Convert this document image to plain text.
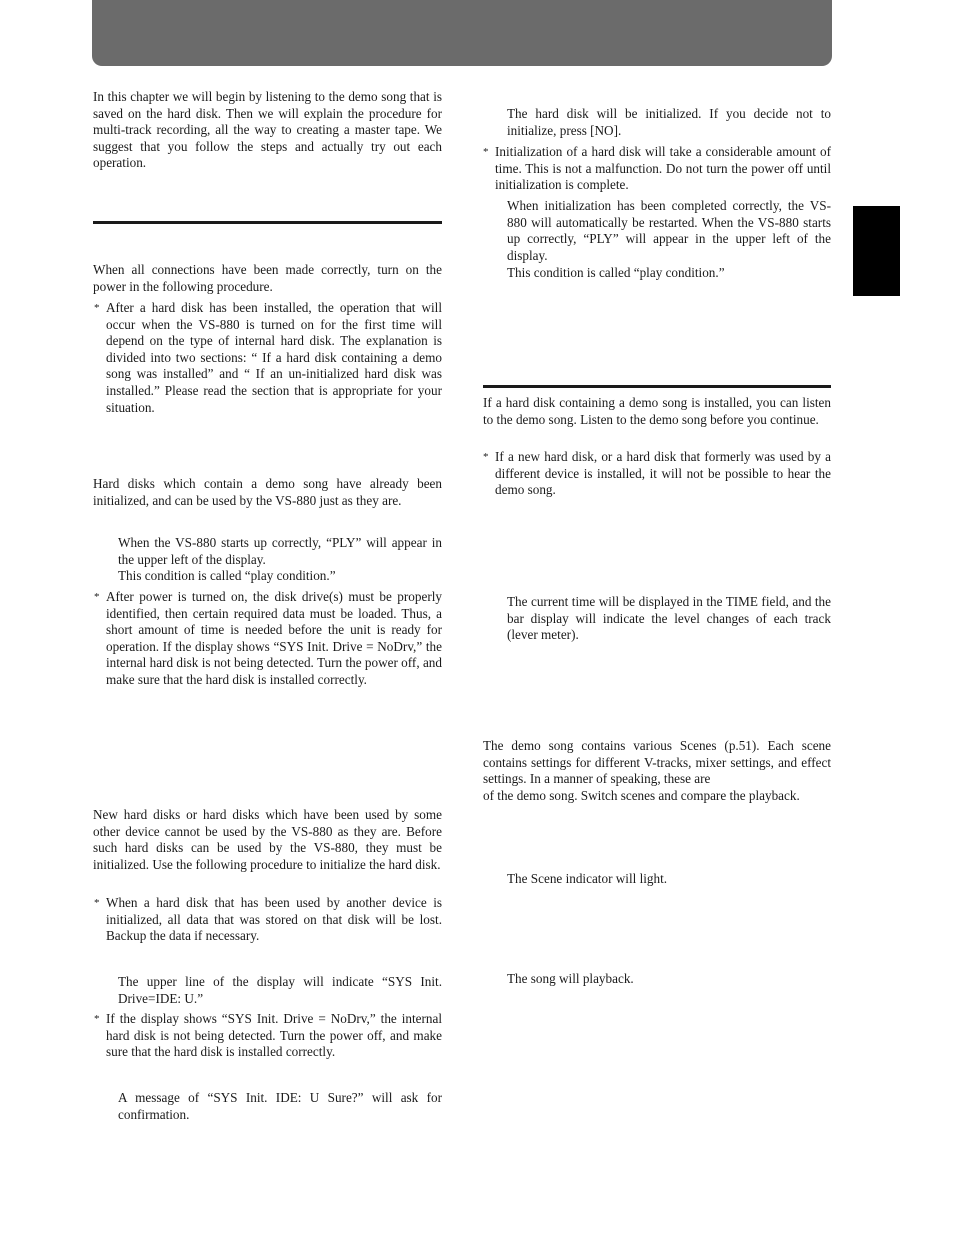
In this chapter we will begin by listening to the demo song that is saved on the hard disk. Then we will explain the procedure for multi-track recording, all the way to creating a master tape. We suggest that you follow the steps and actually try out each operation.

When all connections have been made correctly, turn on the power in the following procedure.

* After a hard disk has been installed, the operation that will occur when the VS-880 is turned on for the first time will depend on the type of internal hard disk. The explanation is divided into two sections: “ If a hard disk containing a demo song was installed” and “ If an un-initialized hard disk was installed.” Please read the section that is appropriate for your situation.

Hard disks which contain a demo song have already been initialized, and can be used by the VS-880 just as they are.

When the VS-880 starts up correctly, “PLY” will appear in the upper left of the display.

This condition is called “play condition.”

* After power is turned on, the disk drive(s) must be properly identified, then certain required data must be loaded. Thus, a short amount of time is needed before the unit is ready for operation. If the display shows “SYS Init. Drive = NoDrv,” the internal hard disk is not being detected. Turn the power off, and make sure that the hard disk is installed correctly.

New hard disks or hard disks which have been used by some other device cannot be used by the VS-880 as they are. Before such hard disks can be used by the VS-880, they must be initialized. Use the following procedure to initialize the hard disk.

* When a hard disk that has been used by another device is initialized, all data that was stored on that disk will be lost. Backup the data if necessary.

The upper line of the display will indicate “SYS Init. Drive=IDE: U.”

* If the display shows “SYS Init. Drive = NoDrv,” the internal hard disk is not being detected. Turn the power off, and make sure that the hard disk is installed correctly.

A message of “SYS Init. IDE: U Sure?” will ask for confirmation.

The hard disk will be initialized. If you decide not to initialize, press [NO].

* Initialization of a hard disk will take a considerable amount of time. This is not a malfunction. Do not turn the power off until initialization is complete.

When initialization has been completed correctly, the VS-880 will automatically be restarted. When the VS-880 starts up correctly, “PLY” will appear in the upper left of the display.

This condition is called “play condition.”

If a hard disk containing a demo song is installed, you can listen to the demo song. Listen to the demo song before you continue.

* If a new hard disk, or a hard disk that formerly was used by a different device is installed, it will not be possible to hear the demo song.

The current time will be displayed in the TIME field, and the bar display will indicate the level changes of each track (lever meter).

The demo song contains various Scenes (p.51). Each scene contains settings for different V-tracks, mixer settings, and effect settings. In a manner of speaking, these are

of the demo song. Switch scenes and compare the playback.

The Scene indicator will light.

The song will playback.
